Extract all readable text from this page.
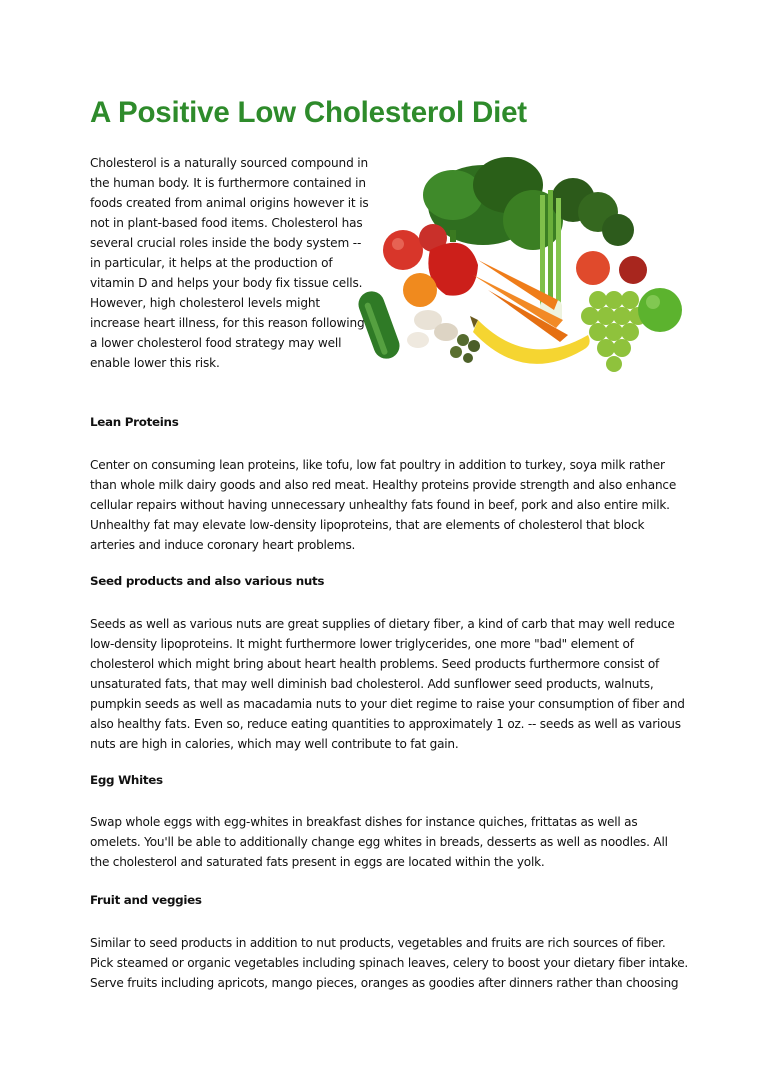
A Positive Low Cholesterol Diet

Cholesterol is a naturally sourced compound in the human body. It is furthermore contained in foods created from animal origins however it is not in plant-based food items. Cholesterol has several crucial roles inside the body system -- in particular, it helps at the production of vitamin D and helps your body fix tissue cells. However, high cholesterol levels might increase heart illness, for this reason following a lower cholesterol food strategy may well enable lower this risk.

Lean Proteins

Center on consuming lean proteins, like tofu, low fat poultry in addition to turkey, soya milk rather than whole milk dairy goods and also red meat. Healthy proteins provide strength and also enhance cellular repairs without having unnecessary unhealthy fats found in beef, pork and also entire milk. Unhealthy fat may elevate low-density lipoproteins, that are elements of cholesterol that block arteries and induce coronary heart problems.

Seed products and also various nuts

Seeds as well as various nuts are great supplies of dietary fiber, a kind of carb that may well reduce low-density lipoproteins. It might furthermore lower triglycerides, one more "bad" element of cholesterol which might bring about heart health problems. Seed products furthermore consist of unsaturated fats, that may well diminish bad cholesterol. Add sunflower seed products, walnuts, pumpkin seeds as well as macadamia nuts to your diet regime to raise your consumption of fiber and also healthy fats. Even so, reduce eating quantities to approximately 1 oz. -- seeds as well as various nuts are high in calories, which may well contribute to fat gain.

Egg Whites

Swap whole eggs with egg-whites in breakfast dishes for instance quiches, frittatas as well as omelets. You'll be able to additionally change egg whites in breads, desserts as well as noodles. All the cholesterol and saturated fats present in eggs are located within the yolk.

Fruit and veggies

Similar to seed products in addition to nut products, vegetables and fruits are rich sources of fiber. Pick steamed or organic vegetables including spinach leaves, celery to boost your dietary fiber intake. Serve fruits including apricots, mango pieces, oranges as goodies after dinners rather than choosing
